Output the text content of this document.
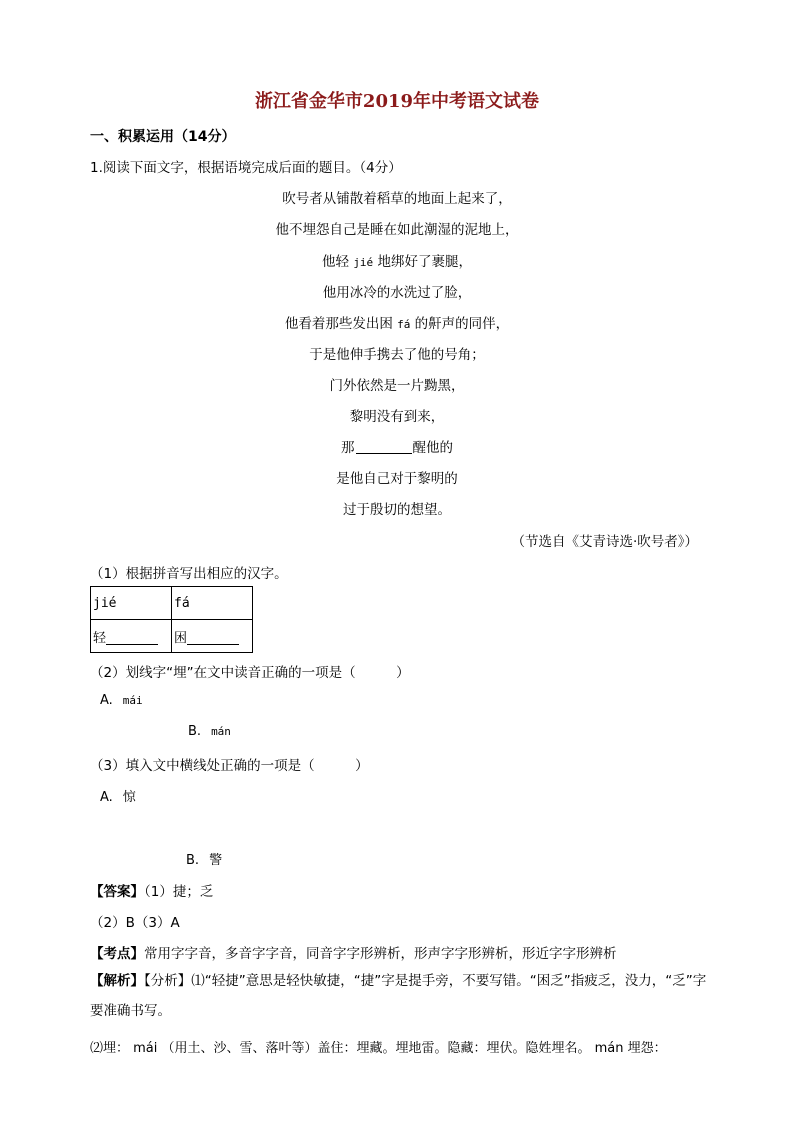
浙江省金华市2019年中考语文试卷
一、积累运用（14分）
1.阅读下面文字，根据语境完成后面的题目。（4分）
吹号者从铺散着稻草的地面上起来了，
他不埋怨自己是睡在如此潮湿的泥地上，
他轻 jié 地绑好了裹腿，
他用冰冷的水洗过了脸，
他看着那些发出困 fá 的鼾声的同伴，
于是他伸手携去了他的号角；
门外依然是一片黝黑，
黎明没有到来，
那	醒他的
是他自己对于黎明的
过于殷切的想望。
（节选自《艾青诗选·吹号者》）
（1）根据拼音写出相应的汉字。
jié	fá
轻	困
（2）划线字“埋”在文中读音正确的一项是（　　　）
A. mái
B. mán
（3）填入文中横线处正确的一项是（　　　）
A. 惊
B. 警
【答案】（1）捷；乏
（2）B（3）A
【考点】常用字字音，多音字字音，同音字字形辨析，形声字字形辨析，形近字字形辨析
【解析】【分析】⑴“轻捷”意思是轻快敏捷，“捷”字是提手旁，不要写错。“困乏”指疲乏，没力，“乏”字要准确书写。
⑵埋： mái （用土、沙、雪、落叶等）盖住：埋藏。埋地雷。隐藏：埋伏。隐姓埋名。 mán 埋怨：
